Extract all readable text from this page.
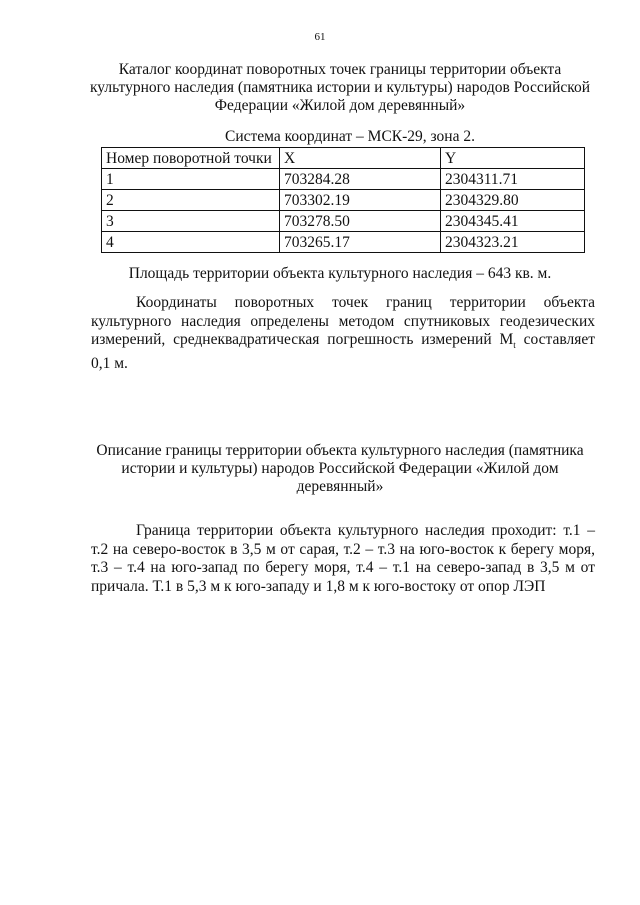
61
Каталог координат поворотных точек границы территории объекта культурного наследия (памятника истории и культуры) народов Российской Федерации «Жилой дом деревянный»
Система координат – МСК-29, зона 2.
Номер поворотной точки	X	Y
1	703284.28	2304311.71
2	703302.19	2304329.80
3	703278.50	2304345.41
4	703265.17	2304323.21
Площадь территории объекта культурного наследия – 643 кв. м.
Координаты поворотных точек границ территории объекта культурного наследия определены методом спутниковых геодезических измерений, среднеквадратическая погрешность измерений $M_t$ составляет 0,1 м.
Описание границы территории объекта культурного наследия (памятника истории и культуры) народов Российской Федерации «Жилой дом деревянный»
Граница территории объекта культурного наследия проходит: т.1 – т.2 на северо-восток в 3,5 м от сарая, т.2 – т.3 на юго-восток к берегу моря, т.3 – т.4 на юго-запад по берегу моря, т.4 – т.1 на северо-запад в 3,5 м от причала. Т.1 в 5,3 м к юго-западу и 1,8 м к юго-востоку от опор ЛЭП
